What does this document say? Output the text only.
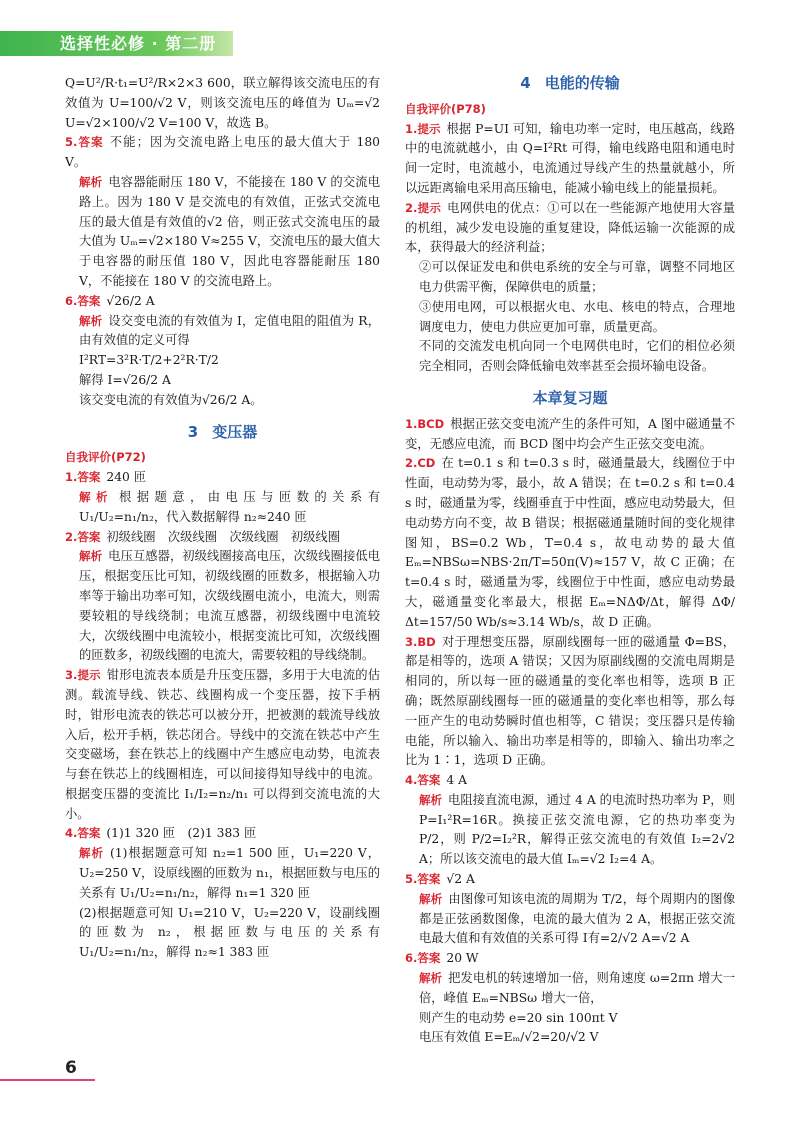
选择性必修 · 第二册

Q=U²/R·t₁=U²/R×2×3 600，联立解得该交流电压的有效值为 U=100/√2 V，则该交流电压的峰值为 Uₘ=√2 U=√2×100/√2 V=100 V，故选 B。

5.答案 不能；因为交流电路上电压的最大值大于 180 V。

解析 电容器能耐压 180 V，不能接在 180 V 的交流电路上。因为 180 V 是交流电的有效值，正弦式交流电压的最大值是有效值的√2 倍，则正弦式交流电压的最大值为 Uₘ=√2×180 V≈255 V，交流电压的最大值大于电容器的耐压值 180 V，因此电容器能耐压 180 V，不能接在 180 V 的交流电路上。

6.答案 √26/2 A

解析 设交变电流的有效值为 I，定值电阻的阻值为 R，由有效值的定义可得

I²RT=3²R·T/2+2²R·T/2

解得 I=√26/2 A

该交变电流的有效值为√26/2 A。

3 变压器

自我评价(P72)

1.答案 240 匝

解析 根据题意，由电压与匝数的关系有 U₁/U₂=n₁/n₂，代入数据解得 n₂≈240 匝

2.答案 初级线圈　次级线圈　次级线圈　初级线圈

解析 电压互感器，初级线圈接高电压，次级线圈接低电压，根据变压比可知，初级线圈的匝数多，根据输入功率等于输出功率可知，次级线圈电流小，电流大，则需要较粗的导线绕制；电流互感器，初级线圈中电流较大，次级线圈中电流较小，根据变流比可知，次级线圈的匝数多，初级线圈的电流大，需要较粗的导线绕制。

3.提示 钳形电流表本质是升压变压器，多用于大电流的估测。载流导线、铁芯、线圈构成一个变压器，按下手柄时，钳形电流表的铁芯可以被分开，把被测的载流导线放入后，松开手柄，铁芯闭合。导线中的交流在铁芯中产生交变磁场，套在铁芯上的线圈中产生感应电动势，电流表与套在铁芯上的线圈相连，可以间接得知导线中的电流。根据变压器的变流比 I₁/I₂=n₂/n₁ 可以得到交流电流的大小。

4.答案 (1)1 320 匝　(2)1 383 匝

解析 (1)根据题意可知 n₂=1 500 匝，U₁=220 V，U₂=250 V，设原线圈的匝数为 n₁，根据匝数与电压的关系有 U₁/U₂=n₁/n₂，解得 n₁=1 320 匝

(2)根据题意可知 U₁=210 V，U₂=220 V，设副线圈的匝数为 n₂，根据匝数与电压的关系有 U₁/U₂=n₁/n₂，解得 n₂≈1 383 匝

4 电能的传输

自我评价(P78)

1.提示 根据 P=UI 可知，输电功率一定时，电压越高，线路中的电流就越小，由 Q=I²Rt 可得，输电线路电阻和通电时间一定时，电流越小，电流通过导线产生的热量就越小，所以远距离输电采用高压输电，能减小输电线上的能量损耗。

2.提示 电网供电的优点：①可以在一些能源产地使用大容量的机组，减少发电设施的重复建设，降低运输一次能源的成本，获得最大的经济利益；

②可以保证发电和供电系统的安全与可靠，调整不同地区电力供需平衡，保障供电的质量；

③使用电网，可以根据火电、水电、核电的特点，合理地调度电力，使电力供应更加可靠，质量更高。

不同的交流发电机向同一个电网供电时，它们的相位必须完全相同，否则会降低输电效率甚至会损坏输电设备。

本章复习题

1.BCD 根据正弦交变电流产生的条件可知，A 图中磁通量不变，无感应电流，而 BCD 图中均会产生正弦交变电流。

2.CD 在 t=0.1 s 和 t=0.3 s 时，磁通量最大，线圈位于中性面，电动势为零，最小，故 A 错误；在 t=0.2 s 和 t=0.4 s 时，磁通量为零，线圈垂直于中性面，感应电动势最大，但电动势方向不变，故 B 错误；根据磁通量随时间的变化规律图知，BS=0.2 Wb，T=0.4 s，故电动势的最大值 Eₘ=NBSω=NBS·2π/T=50π(V)≈157 V，故 C 正确；在 t=0.4 s 时，磁通量为零，线圈位于中性面，感应电动势最大，磁通量变化率最大，根据 Eₘ=NΔΦ/Δt，解得 ΔΦ/Δt=157/50 Wb/s≈3.14 Wb/s，故 D 正确。

3.BD 对于理想变压器，原副线圈每一匝的磁通量 Φ=BS，都是相等的，选项 A 错误；又因为原副线圈的交流电周期是相同的，所以每一匝的磁通量的变化率也相等，选项 B 正确；既然原副线圈每一匝的磁通量的变化率也相等，那么每一匝产生的电动势瞬时值也相等，C 错误；变压器只是传输电能，所以输入、输出功率是相等的，即输入、输出功率之比为 1∶1，选项 D 正确。

4.答案 4 A

解析 电阻接直流电源，通过 4 A 的电流时热功率为 P，则 P=I₁²R=16R。换接正弦交流电源，它的热功率变为 P/2，则 P/2=I₂²R，解得正弦交流电的有效值 I₂=2√2 A；所以该交流电的最大值 Iₘ=√2 I₂=4 A。

5.答案 √2 A

解析 由图像可知该电流的周期为 T/2，每个周期内的图像都是正弦函数图像，电流的最大值为 2 A，根据正弦交流电最大值和有效值的关系可得 I有=2/√2 A=√2 A

6.答案 20 W

解析 把发电机的转速增加一倍，则角速度 ω=2πn 增大一倍，峰值 Eₘ=NBSω 增大一倍，

则产生的电动势 e=20 sin 100πt V

电压有效值 E=Eₘ/√2=20/√2 V

6
